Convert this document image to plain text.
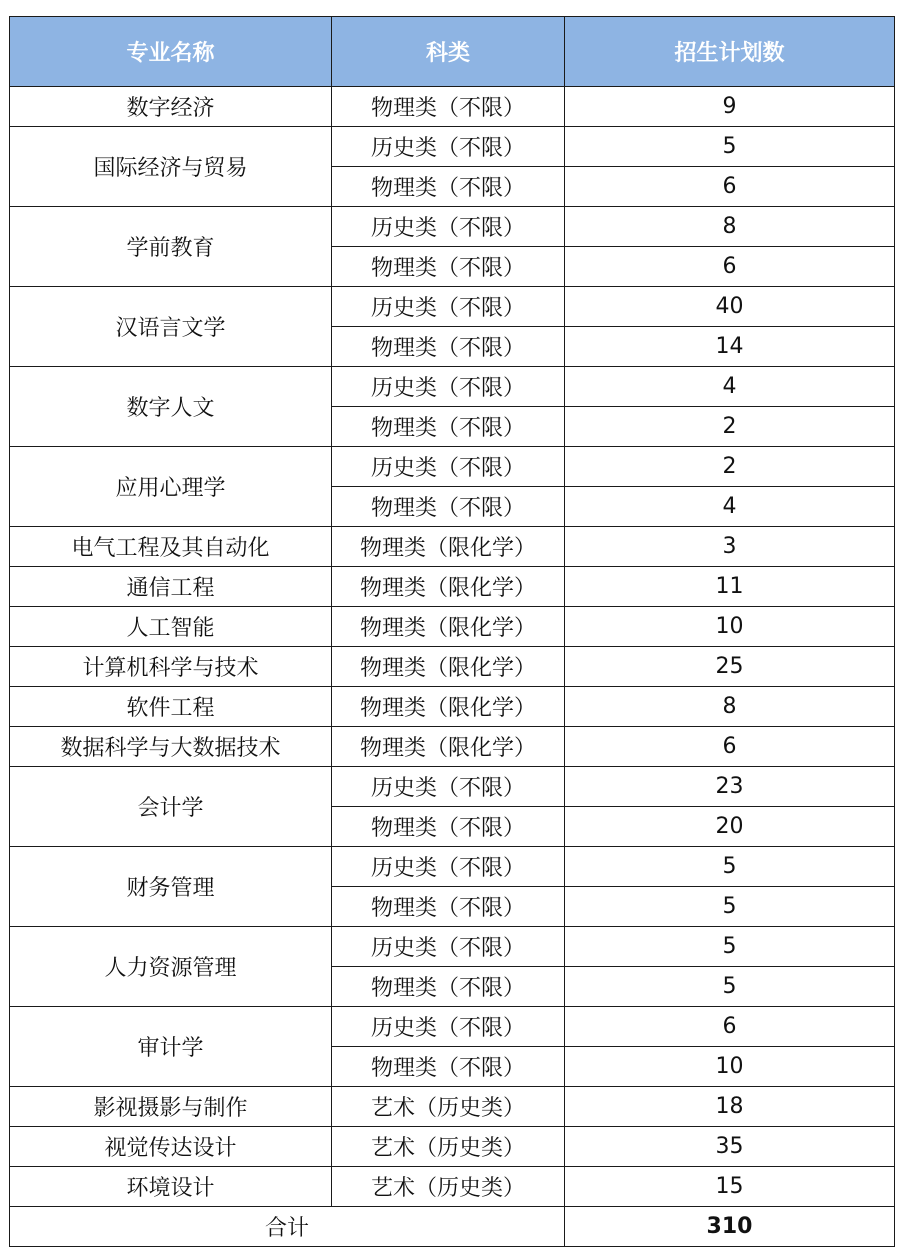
专业名称	科类	招生计划数
数字经济	物理类（不限）	9
国际经济与贸易	历史类（不限）	5
	物理类（不限）	6
学前教育	历史类（不限）	8
	物理类（不限）	6
汉语言文学	历史类（不限）	40
	物理类（不限）	14
数字人文	历史类（不限）	4
	物理类（不限）	2
应用心理学	历史类（不限）	2
	物理类（不限）	4
电气工程及其自动化	物理类（限化学）	3
通信工程	物理类（限化学）	11
人工智能	物理类（限化学）	10
计算机科学与技术	物理类（限化学）	25
软件工程	物理类（限化学）	8
数据科学与大数据技术	物理类（限化学）	6
会计学	历史类（不限）	23
	物理类（不限）	20
财务管理	历史类（不限）	5
	物理类（不限）	5
人力资源管理	历史类（不限）	5
	物理类（不限）	5
审计学	历史类（不限）	6
	物理类（不限）	10
影视摄影与制作	艺术（历史类）	18
视觉传达设计	艺术（历史类）	35
环境设计	艺术（历史类）	15
合计		310
